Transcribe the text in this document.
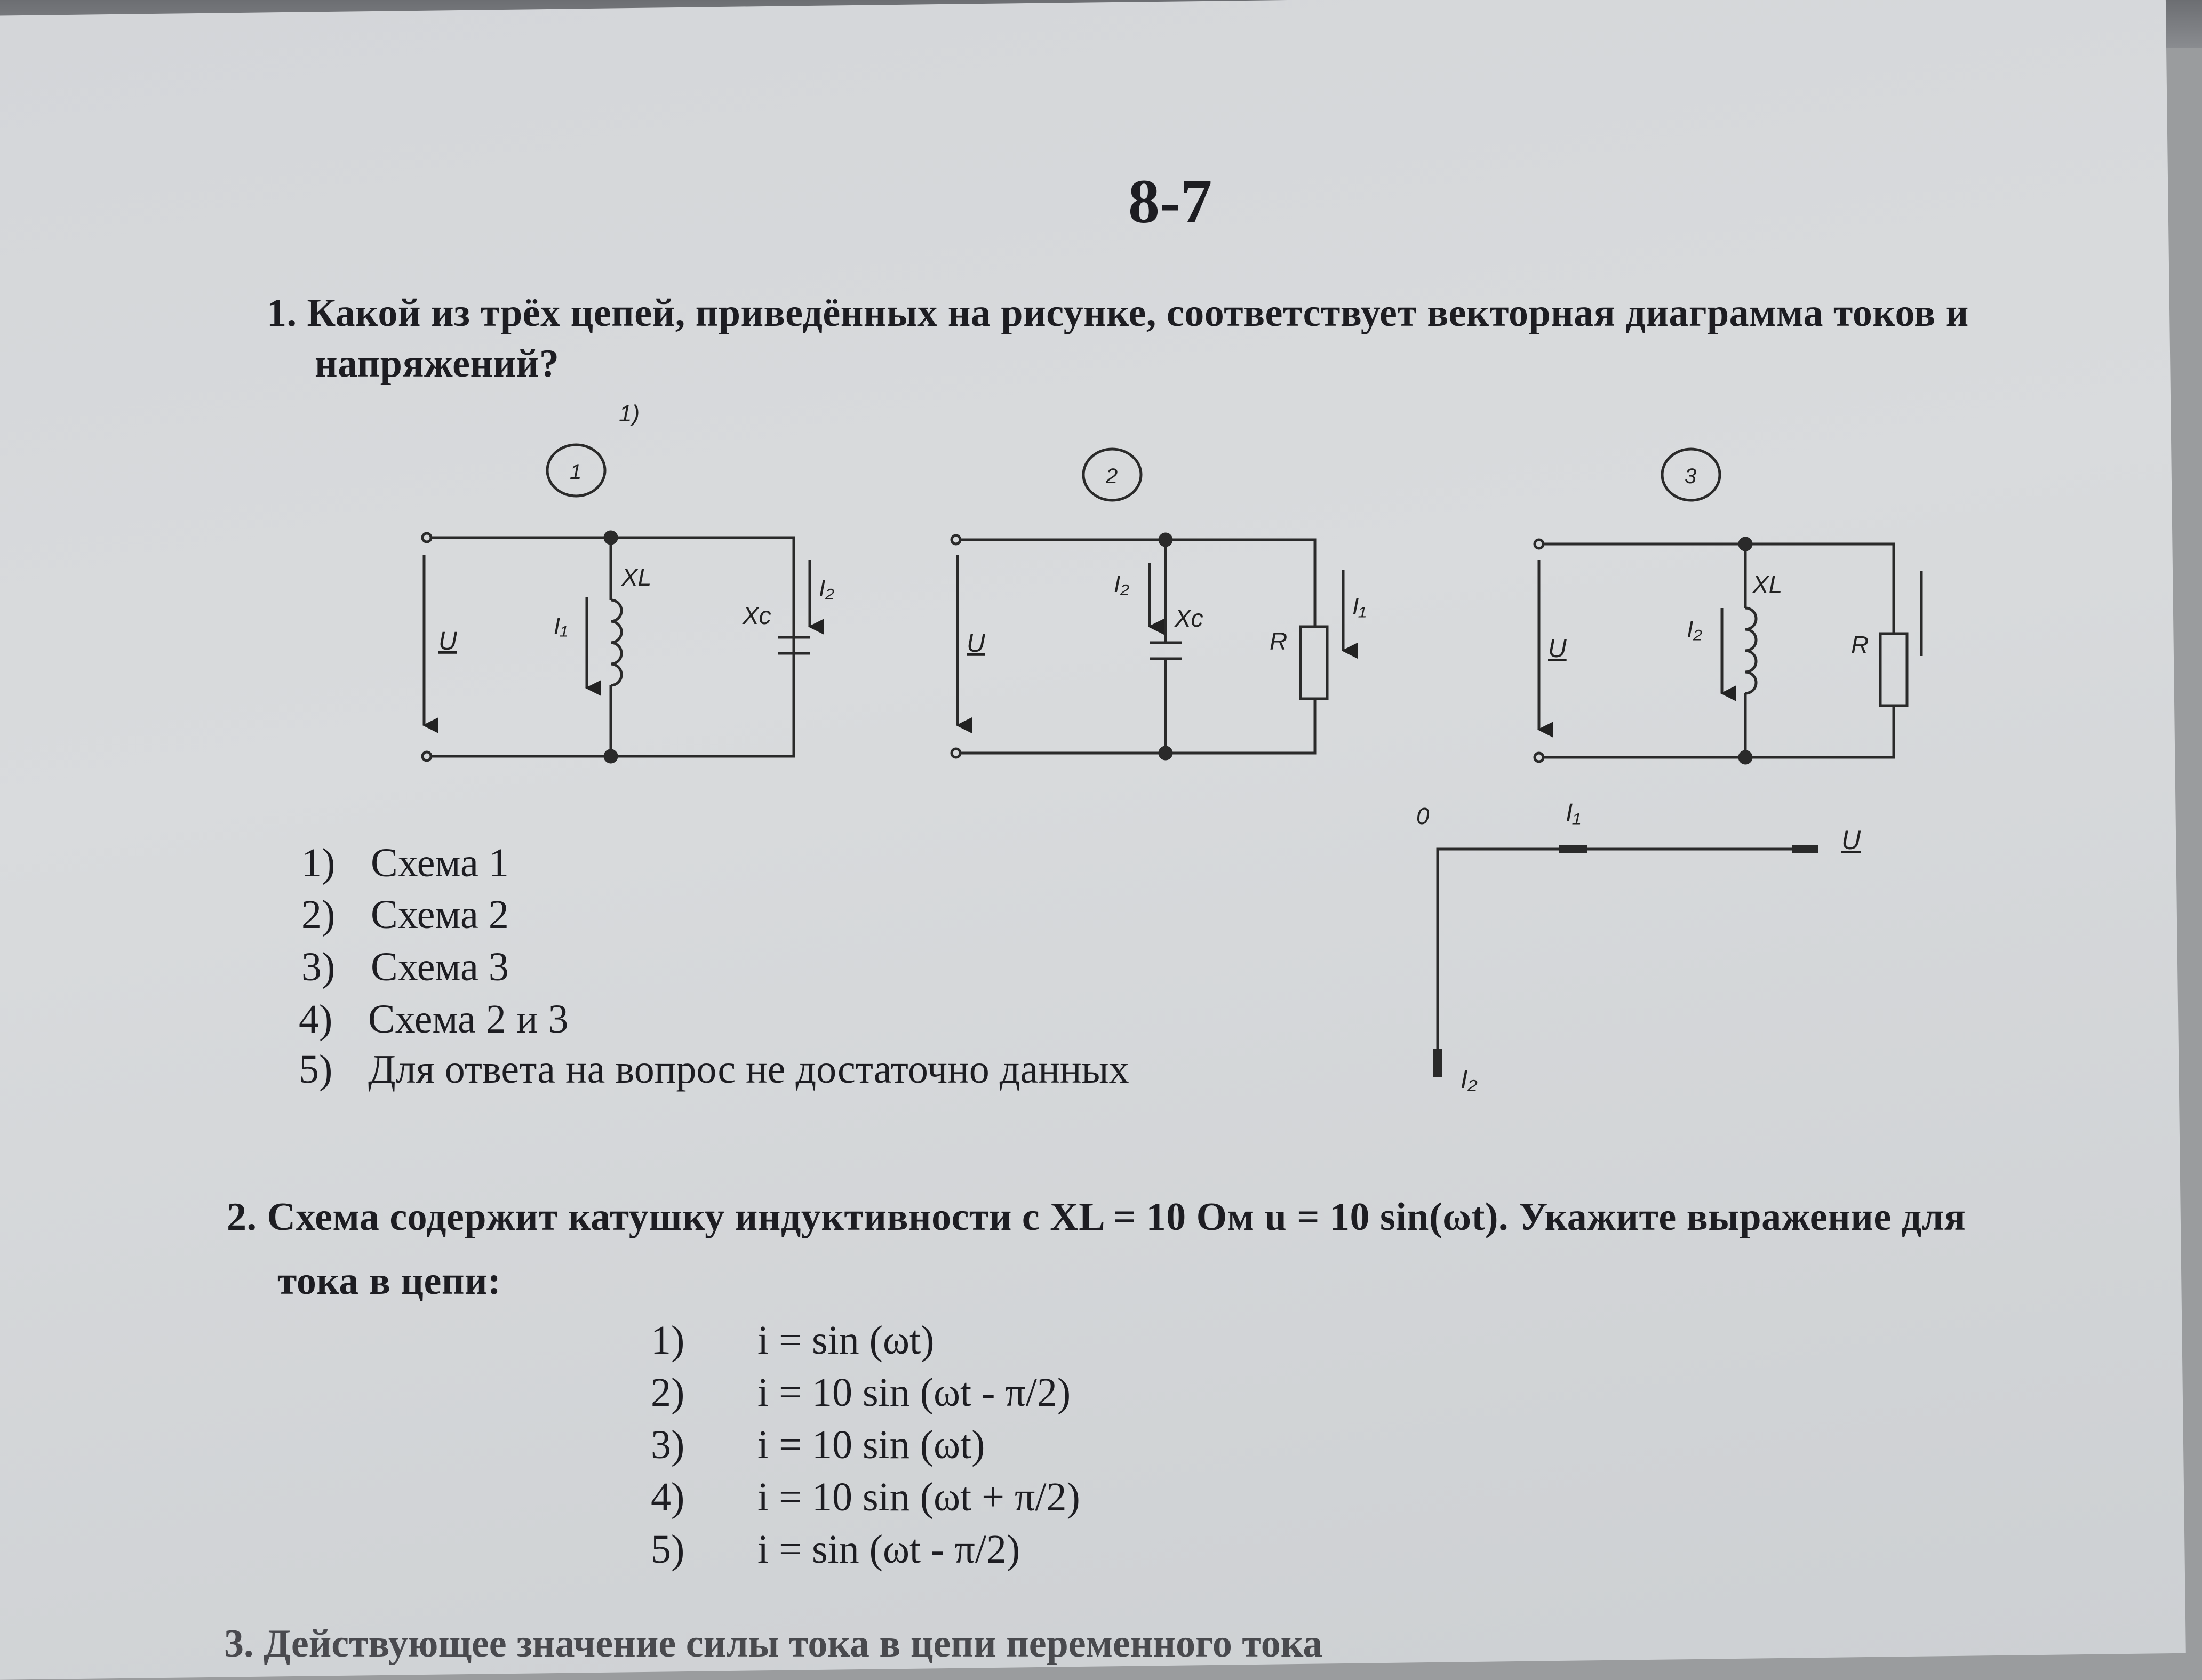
8-7

1. Какой из трёх цепей, приведённых на рисунке, соответствует векторная диаграмма токов и

напряжений?

1) Схема 1

2) Схема 2

3) Схема 3

4) Схема 2 и 3

5) Для ответа на вопрос не достаточно данных

2. Схема содержит катушку индуктивности с XL = 10 Ом u = 10 sin(ωt). Укажите выражение для

тока в цепи:

1) i = sin (ωt)

2) i = 10 sin (ωt - π/2)

3) i = 10 sin (ωt)

4) i = 10 sin (ωt + π/2)

5) i = sin (ωt - π/2)

3. Действующее значение силы тока в цепи переменного тока

1)
1
U
I₁
I₂
XL
Xc
2
U
I₂
I₁
Xc
R
3
U
I₂
XL
R
0	I₁
U
I₂
